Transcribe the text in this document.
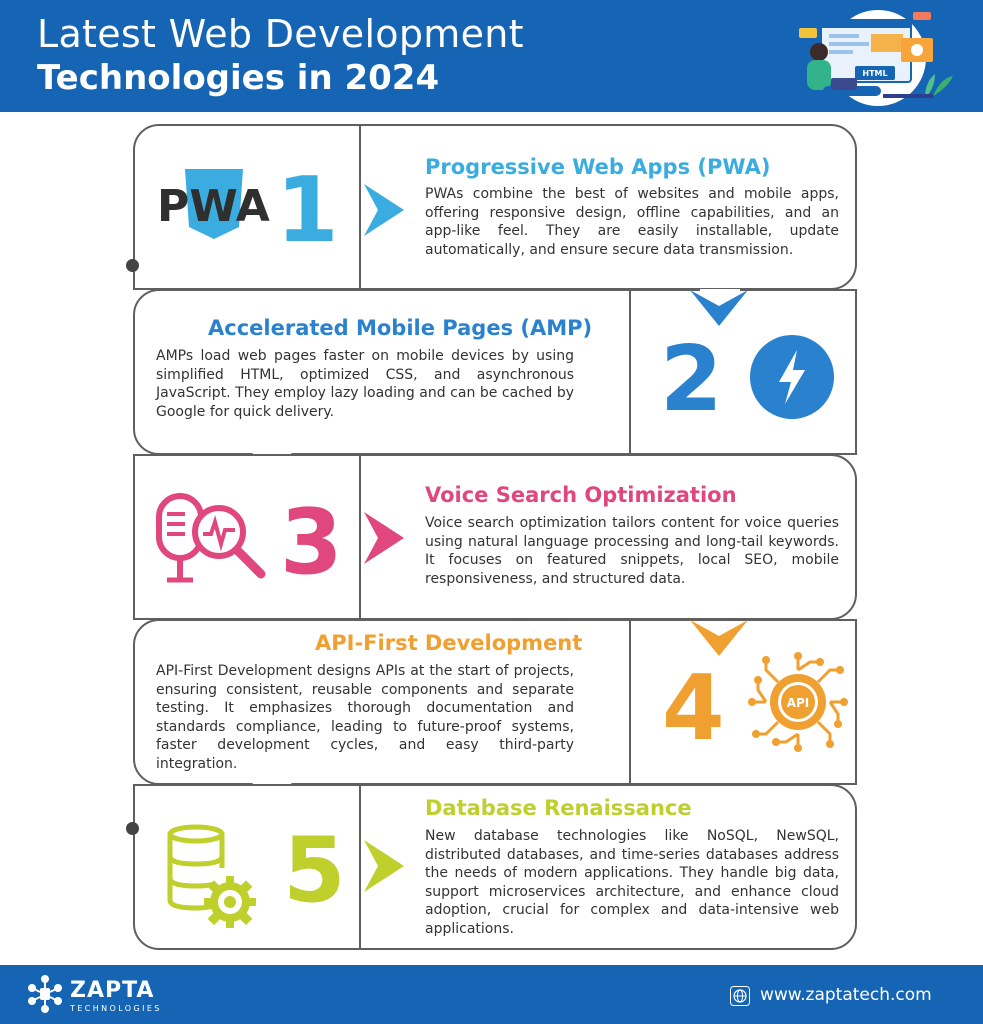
Latest Web Development
Technologies in 2024	HTML
PWA 1	Progressive Web Apps (PWA)
PWAs combine the best of websites and mobile apps, offering responsive design, offline capabilities, and an app-like feel. They are easily installable, update automatically, and ensure secure data transmission.
2
Accelerated Mobile Pages (AMP)
AMPs load web pages faster on mobile devices by using simplified HTML, optimized CSS, and asynchronous JavaScript. They employ lazy loading and can be cached by Google for quick delivery.
3	Voice Search Optimization
Voice search optimization tailors content for voice queries using natural language processing and long-tail keywords. It focuses on featured snippets, local SEO, mobile responsiveness, and structured data.
4	API
API-First Development
API-First Development designs APIs at the start of projects, ensuring consistent, reusable components and separate testing. It emphasizes thorough documentation and standards compliance, leading to future-proof systems, faster development cycles, and easy third-party integration.
5
Database Renaissance
New database technologies like NoSQL, NewSQL, distributed databases, and time-series databases address the needs of modern applications. They handle big data, support microservices architecture, and enhance cloud adoption, crucial for complex and data-intensive web applications.
ZAPTA
TECHNOLOGIES
www.zaptatech.com
